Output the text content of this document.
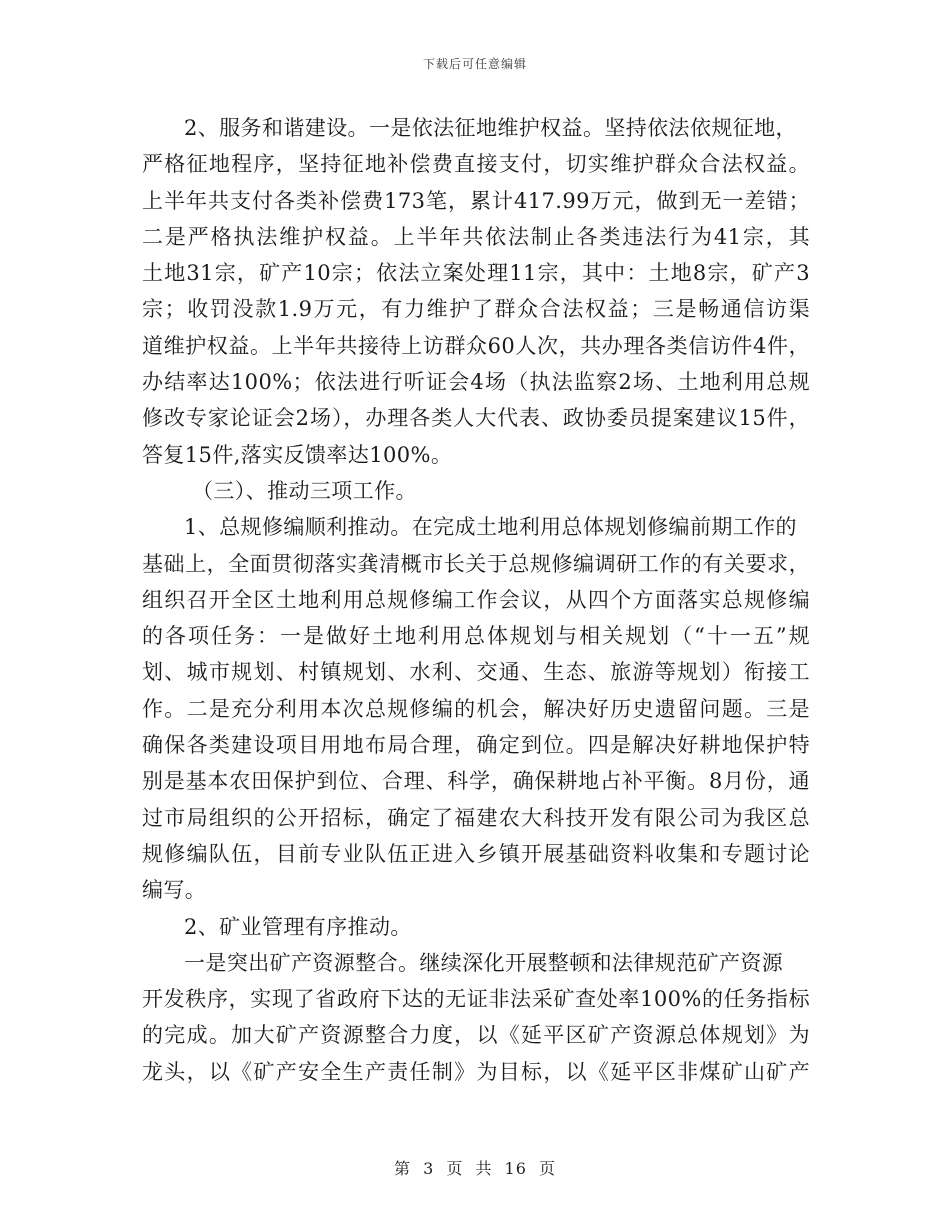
下载后可任意编辑
2、服务和谐建设。一是依法征地维护权益。坚持依法依规征地，
严格征地程序，坚持征地补偿费直接支付，切实维护群众合法权益。
上半年共支付各类补偿费173笔，累计417.99万元，做到无一差错；
二是严格执法维护权益。上半年共依法制止各类违法行为41宗，其
土地31宗，矿产10宗；依法立案处理11宗，其中：土地8宗，矿产3
宗；收罚没款1.9万元，有力维护了群众合法权益；三是畅通信访渠
道维护权益。上半年共接待上访群众60人次，共办理各类信访件4件，
办结率达100%；依法进行听证会4场（执法监察2场、土地利用总规
修改专家论证会2场），办理各类人大代表、政协委员提案建议15件，
答复15件,落实反馈率达100%。
（三）、推动三项工作。
1、总规修编顺利推动。在完成土地利用总体规划修编前期工作的
基础上，全面贯彻落实龚清概市长关于总规修编调研工作的有关要求，
组织召开全区土地利用总规修编工作会议，从四个方面落实总规修编
的各项任务：一是做好土地利用总体规划与相关规划（“十一五”规
划、城市规划、村镇规划、水利、交通、生态、旅游等规划）衔接工
作。二是充分利用本次总规修编的机会，解决好历史遗留问题。三是
确保各类建设项目用地布局合理，确定到位。四是解决好耕地保护特
别是基本农田保护到位、合理、科学，确保耕地占补平衡。8月份，通
过市局组织的公开招标，确定了福建农大科技开发有限公司为我区总
规修编队伍，目前专业队伍正进入乡镇开展基础资料收集和专题讨论
编写。
2、矿业管理有序推动。
一是突出矿产资源整合。继续深化开展整顿和法律规范矿产资源
开发秩序，实现了省政府下达的无证非法采矿查处率100%的任务指标
的完成。加大矿产资源整合力度，以《延平区矿产资源总体规划》为
龙头，以《矿产安全生产责任制》为目标，以《延平区非煤矿山矿产
第 3 页 共 16 页
